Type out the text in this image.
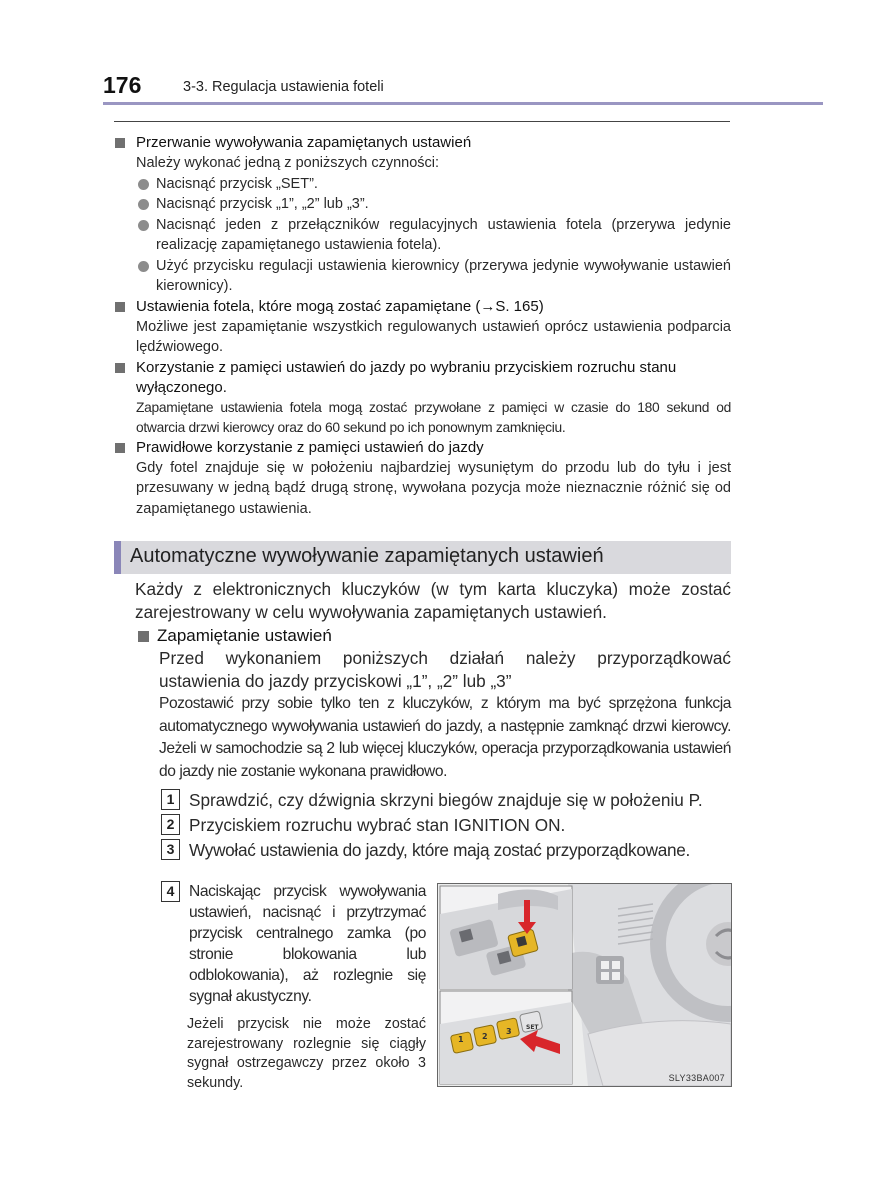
176	3-3. Regulacja ustawienia foteli
Przerwanie wywoływania zapamiętanych ustawień
Należy wykonać jedną z poniższych czynności:
Nacisnąć przycisk „SET”.
Nacisnąć przycisk „1”, „2” lub „3”.
Nacisnąć jeden z przełączników regulacyjnych ustawienia fotela (przerywa jedynie realizację zapamiętanego ustawienia fotela).
Użyć przycisku regulacji ustawienia kierownicy (przerywa jedynie wywoływanie ustawień kierownicy).
Ustawienia fotela, które mogą zostać zapamiętane (→S. 165)
Możliwe jest zapamiętanie wszystkich regulowanych ustawień oprócz ustawienia podparcia lędźwiowego.
Korzystanie z pamięci ustawień do jazdy po wybraniu przyciskiem rozruchu stanu wyłączonego.
Zapamiętane ustawienia fotela mogą zostać przywołane z pamięci w czasie do 180 sekund od otwarcia drzwi kierowcy oraz do 60 sekund po ich ponownym zamknięciu.
Prawidłowe korzystanie z pamięci ustawień do jazdy
Gdy fotel znajduje się w położeniu najbardziej wysuniętym do przodu lub do tyłu i jest przesuwany w jedną bądź drugą stronę, wywołana pozycja może nieznacznie różnić się od zapamiętanego ustawienia.
Automatyczne wywoływanie zapamiętanych ustawień
Każdy z elektronicznych kluczyków (w tym karta kluczyka) może zostać zarejestrowany w celu wywoływania zapamiętanych ustawień.
Zapamiętanie ustawień
Przed wykonaniem poniższych działań należy przyporządkować ustawienia do jazdy przyciskowi „1”, „2” lub „3”
Pozostawić przy sobie tylko ten z kluczyków, z którym ma być sprzężona funkcja automatycznego wywoływania ustawień do jazdy, a następnie zamknąć drzwi kierowcy. Jeżeli w samochodzie są 2 lub więcej kluczyków, operacja przyporządkowania ustawień do jazdy nie zostanie wykonana prawidłowo.
1 Sprawdzić, czy dźwignia skrzyni biegów znajduje się w położeniu P.
2 Przyciskiem rozruchu wybrać stan IGNITION ON.
3 Wywołać ustawienia do jazdy, które mają zostać przyporządkowane.
4 Naciskając przycisk wywoływania ustawień, nacisnąć i przytrzymać przycisk centralnego zamka (po stronie blokowania lub odblokowania), aż rozlegnie się sygnał akustyczny.
Jeżeli przycisk nie może zostać zarejestrowany rozlegnie się ciągły sygnał ostrzegawczy przez około 3 sekundy.
1 2
3 SET
SLY33BA007
